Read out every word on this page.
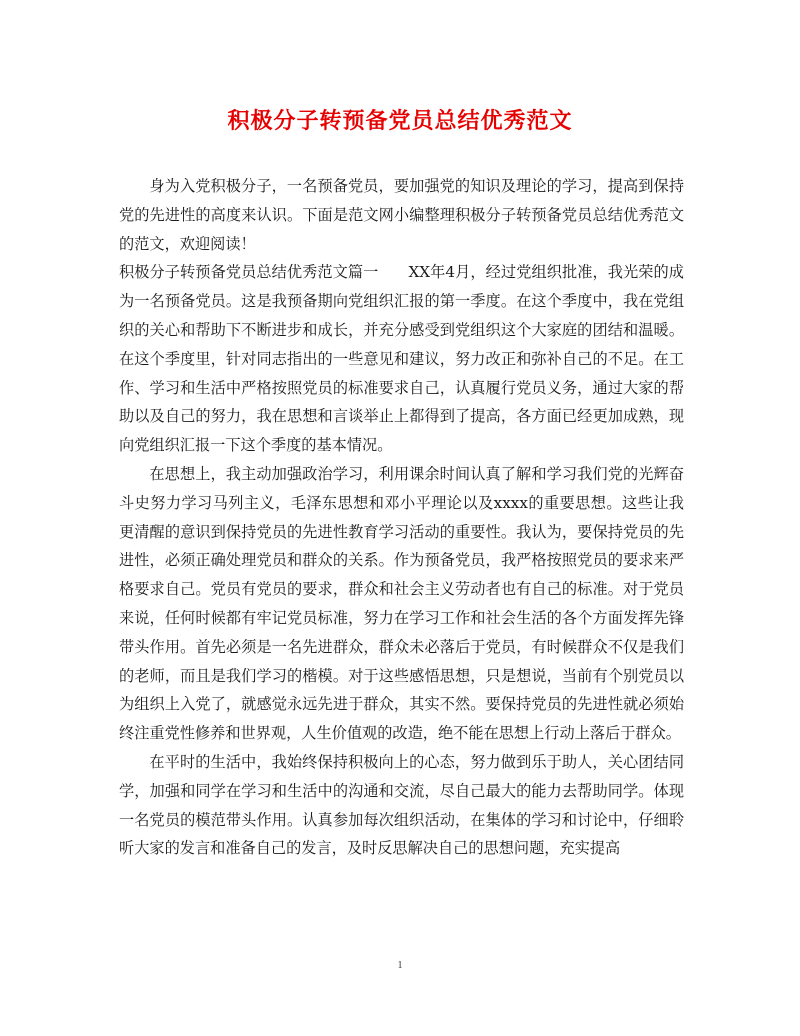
积极分子转预备党员总结优秀范文

身为入党积极分子，一名预备党员，要加强党的知识及理论的学习，提高到保持党的先进性的高度来认识。下面是范文网小编整理积极分子转预备党员总结优秀范文的范文，欢迎阅读！

积极分子转预备党员总结优秀范文篇一 XX年4月，经过党组织批准，我光荣的成为一名预备党员。这是我预备期向党组织汇报的第一季度。在这个季度中，我在党组织的关心和帮助下不断进步和成长，并充分感受到党组织这个大家庭的团结和温暖。在这个季度里，针对同志指出的一些意见和建议，努力改正和弥补自己的不足。在工作、学习和生活中严格按照党员的标准要求自己，认真履行党员义务，通过大家的帮助以及自己的努力，我在思想和言谈举止上都得到了提高，各方面已经更加成熟，现向党组织汇报一下这个季度的基本情况。

在思想上，我主动加强政治学习，利用课余时间认真了解和学习我们党的光辉奋斗史努力学习马列主义，毛泽东思想和邓小平理论以及xxxx的重要思想。这些让我更清醒的意识到保持党员的先进性教育学习活动的重要性。我认为，要保持党员的先进性，必须正确处理党员和群众的关系。作为预备党员，我严格按照党员的要求来严格要求自己。党员有党员的要求，群众和社会主义劳动者也有自己的标准。对于党员来说，任何时候都有牢记党员标准，努力在学习工作和社会生活的各个方面发挥先锋带头作用。首先必须是一名先进群众，群众未必落后于党员，有时候群众不仅是我们的老师，而且是我们学习的楷模。对于这些感悟思想，只是想说，当前有个别党员以为组织上入党了，就感觉永远先进于群众，其实不然。要保持党员的先进性就必须始终注重党性修养和世界观，人生价值观的改造，绝不能在思想上行动上落后于群众。

在平时的生活中，我始终保持积极向上的心态，努力做到乐于助人，关心团结同学，加强和同学在学习和生活中的沟通和交流，尽自己最大的能力去帮助同学。体现一名党员的模范带头作用。认真参加每次组织活动，在集体的学习和讨论中，仔细聆听大家的发言和准备自己的发言，及时反思解决自己的思想问题，充实提高

1
